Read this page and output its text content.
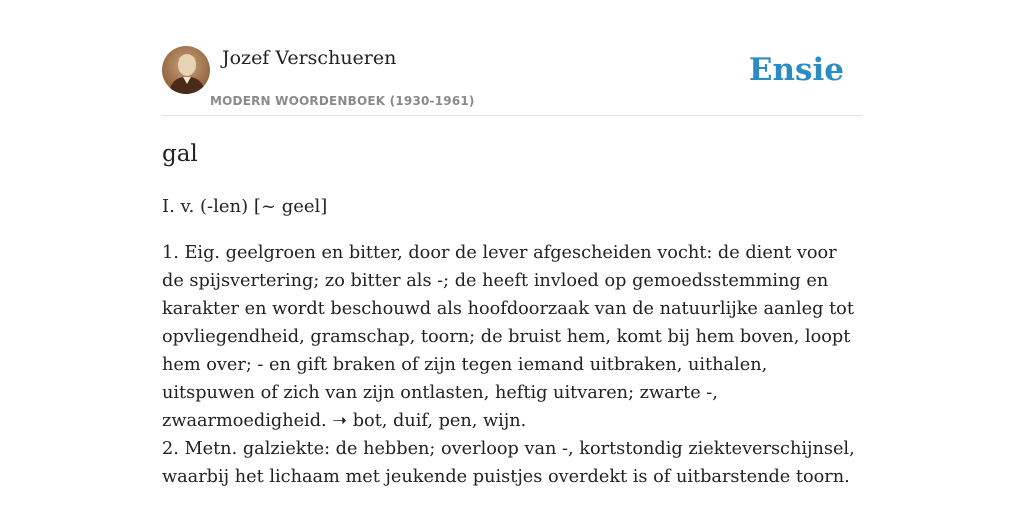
Jozef Verschueren
MODERN WOORDENBOEK (1930-1961)
Ensie
gal
I. v. (-len) [~ geel]

1. Eig. geelgroen en bitter, door de lever afgescheiden vocht: de dient voor de spijsvertering; zo bitter als -; de heeft invloed op gemoedsstemming en karakter en wordt beschouwd als hoofdoorzaak van de natuurlijke aanleg tot opvliegendheid, gramschap, toorn; de bruist hem, komt bij hem boven, loopt hem over; - en gift braken of zijn tegen iemand uitbraken, uithalen, uitspuwen of zich van zijn ontlasten, heftig uitvaren; zwarte -, zwaarmoedigheid. ➝ bot, duif, pen, wijn.

2. Metn. galziekte: de hebben; overloop van -, kortstondig ziekteverschijnsel, waarbij het lichaam met jeukende puistjes overdekt is of uitbarstende toorn.
